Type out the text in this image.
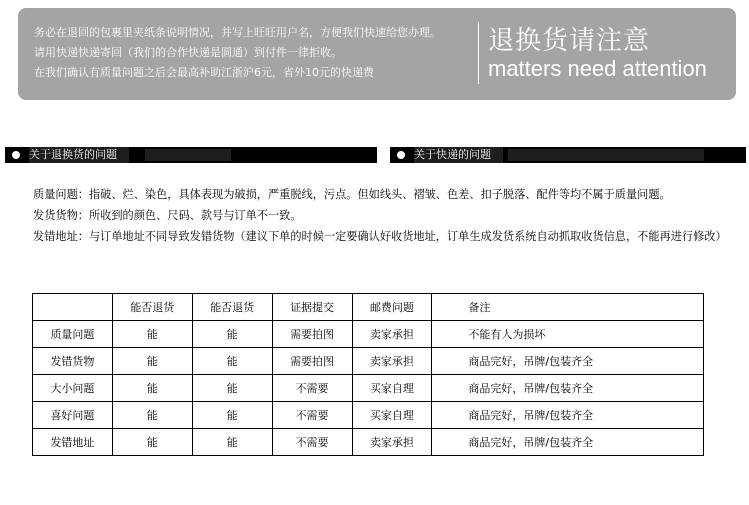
务必在退回的包裹里夹纸条说明情况，并写上旺旺用户名，方便我们快速给您办理。
请用快递快递寄回（我们的合作快递是圆通）到付件一律拒收。
在我们确认有质量问题之后会最高补助江浙沪6元，省外10元的快递费
退换货请注意
matters need attention
关于退换货的问题	关于快递的问题
质量问题：指破、烂、染色，具体表现为破损，严重脱线，污点。但如线头、褶皱、色差、扣子脱落、配件等均不属于质量问题。
发货货物：所收到的颜色、尺码、款号与订单不一致。
发错地址：与订单地址不同导致发错货物（建议下单的时候一定要确认好收货地址，订单生成发货系统自动抓取收货信息，不能再进行修改）
	能否退货	能否退货	证据提交	邮费问题	备注
质量问题	能	能	需要拍图	卖家承担	不能有人为损坏
发错货物	能	能	需要拍图	卖家承担	商品完好，吊牌/包装齐全
大小问题	能	能	不需要	买家自理	商品完好，吊牌/包装齐全
喜好问题	能	能	不需要	买家自理	商品完好，吊牌/包装齐全
发错地址	能	能	不需要	卖家承担	商品完好，吊牌/包装齐全
